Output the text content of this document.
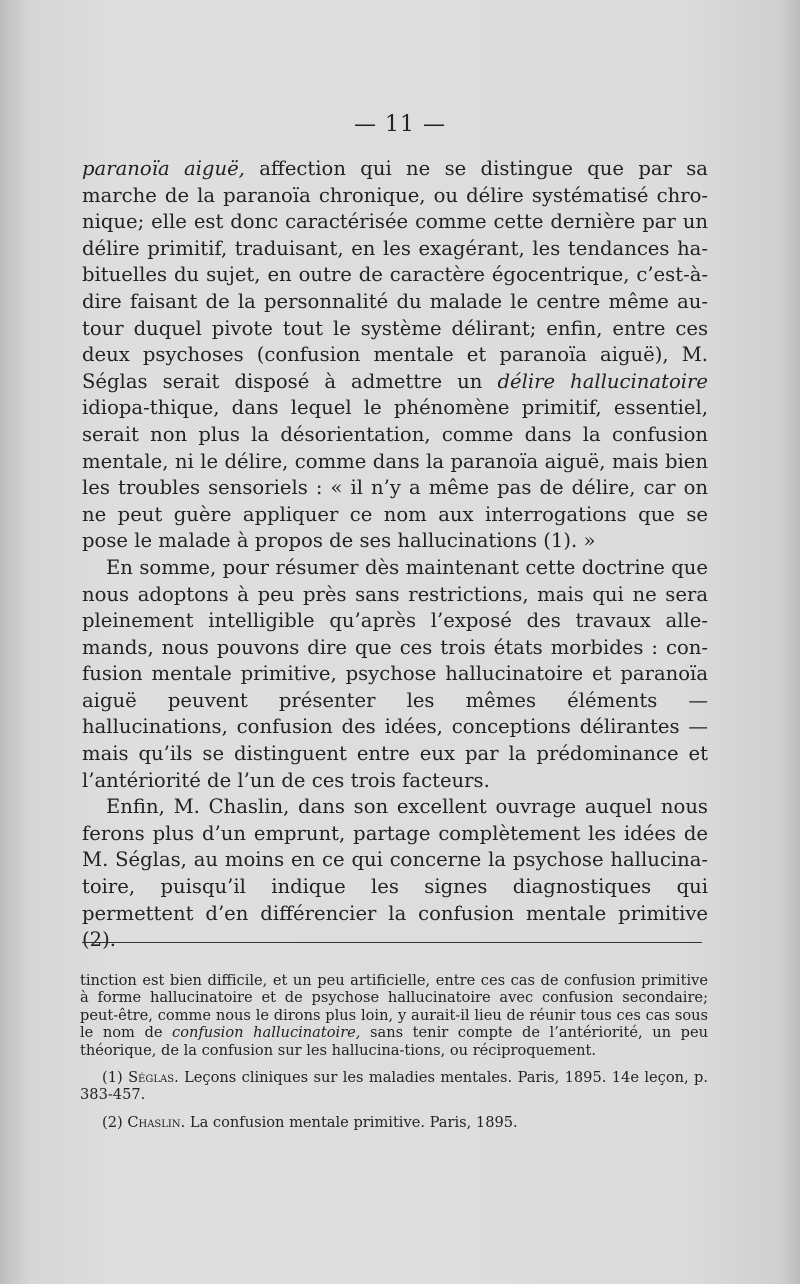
— 11 —

paranoïa aiguë, affection qui ne se distingue que par sa marche de la paranoïa chronique, ou délire systématisé chro-nique; elle est donc caractérisée comme cette dernière par un délire primitif, traduisant, en les exagérant, les tendances ha-bituelles du sujet, en outre de caractère égocentrique, c’est-à-dire faisant de la personnalité du malade le centre même au-tour duquel pivote tout le système délirant; enfin, entre ces deux psychoses (confusion mentale et paranoïa aiguë), M. Séglas serait disposé à admettre un délire hallucinatoire idiopa-thique, dans lequel le phénomène primitif, essentiel, serait non plus la désorientation, comme dans la confusion mentale, ni le délire, comme dans la paranoïa aiguë, mais bien les troubles sensoriels : « il n’y a même pas de délire, car on ne peut guère appliquer ce nom aux interrogations que se pose le malade à propos de ses hallucinations (1). »

En somme, pour résumer dès maintenant cette doctrine que nous adoptons à peu près sans restrictions, mais qui ne sera pleinement intelligible qu’après l’exposé des travaux alle-mands, nous pouvons dire que ces trois états morbides : con-fusion mentale primitive, psychose hallucinatoire et paranoïa aiguë peuvent présenter les mêmes éléments — hallucinations, confusion des idées, conceptions délirantes — mais qu’ils se distinguent entre eux par la prédominance et l’antériorité de l’un de ces trois facteurs.

Enfin, M. Chaslin, dans son excellent ouvrage auquel nous ferons plus d’un emprunt, partage complètement les idées de M. Séglas, au moins en ce qui concerne la psychose hallucina-toire, puisqu’il indique les signes diagnostiques qui permettent d’en différencier la confusion mentale primitive (2).

tinction est bien difficile, et un peu artificielle, entre ces cas de confusion primitive à forme hallucinatoire et de psychose hallucinatoire avec confusion secondaire; peut-être, comme nous le dirons plus loin, y aurait-il lieu de réunir tous ces cas sous le nom de confusion hallucinatoire, sans tenir compte de l’antériorité, un peu théorique, de la confusion sur les hallucina-tions, ou réciproquement.

(1) Séglas. Leçons cliniques sur les maladies mentales. Paris, 1895. 14e leçon, p. 383-457.

(2) Chaslin. La confusion mentale primitive. Paris, 1895.
